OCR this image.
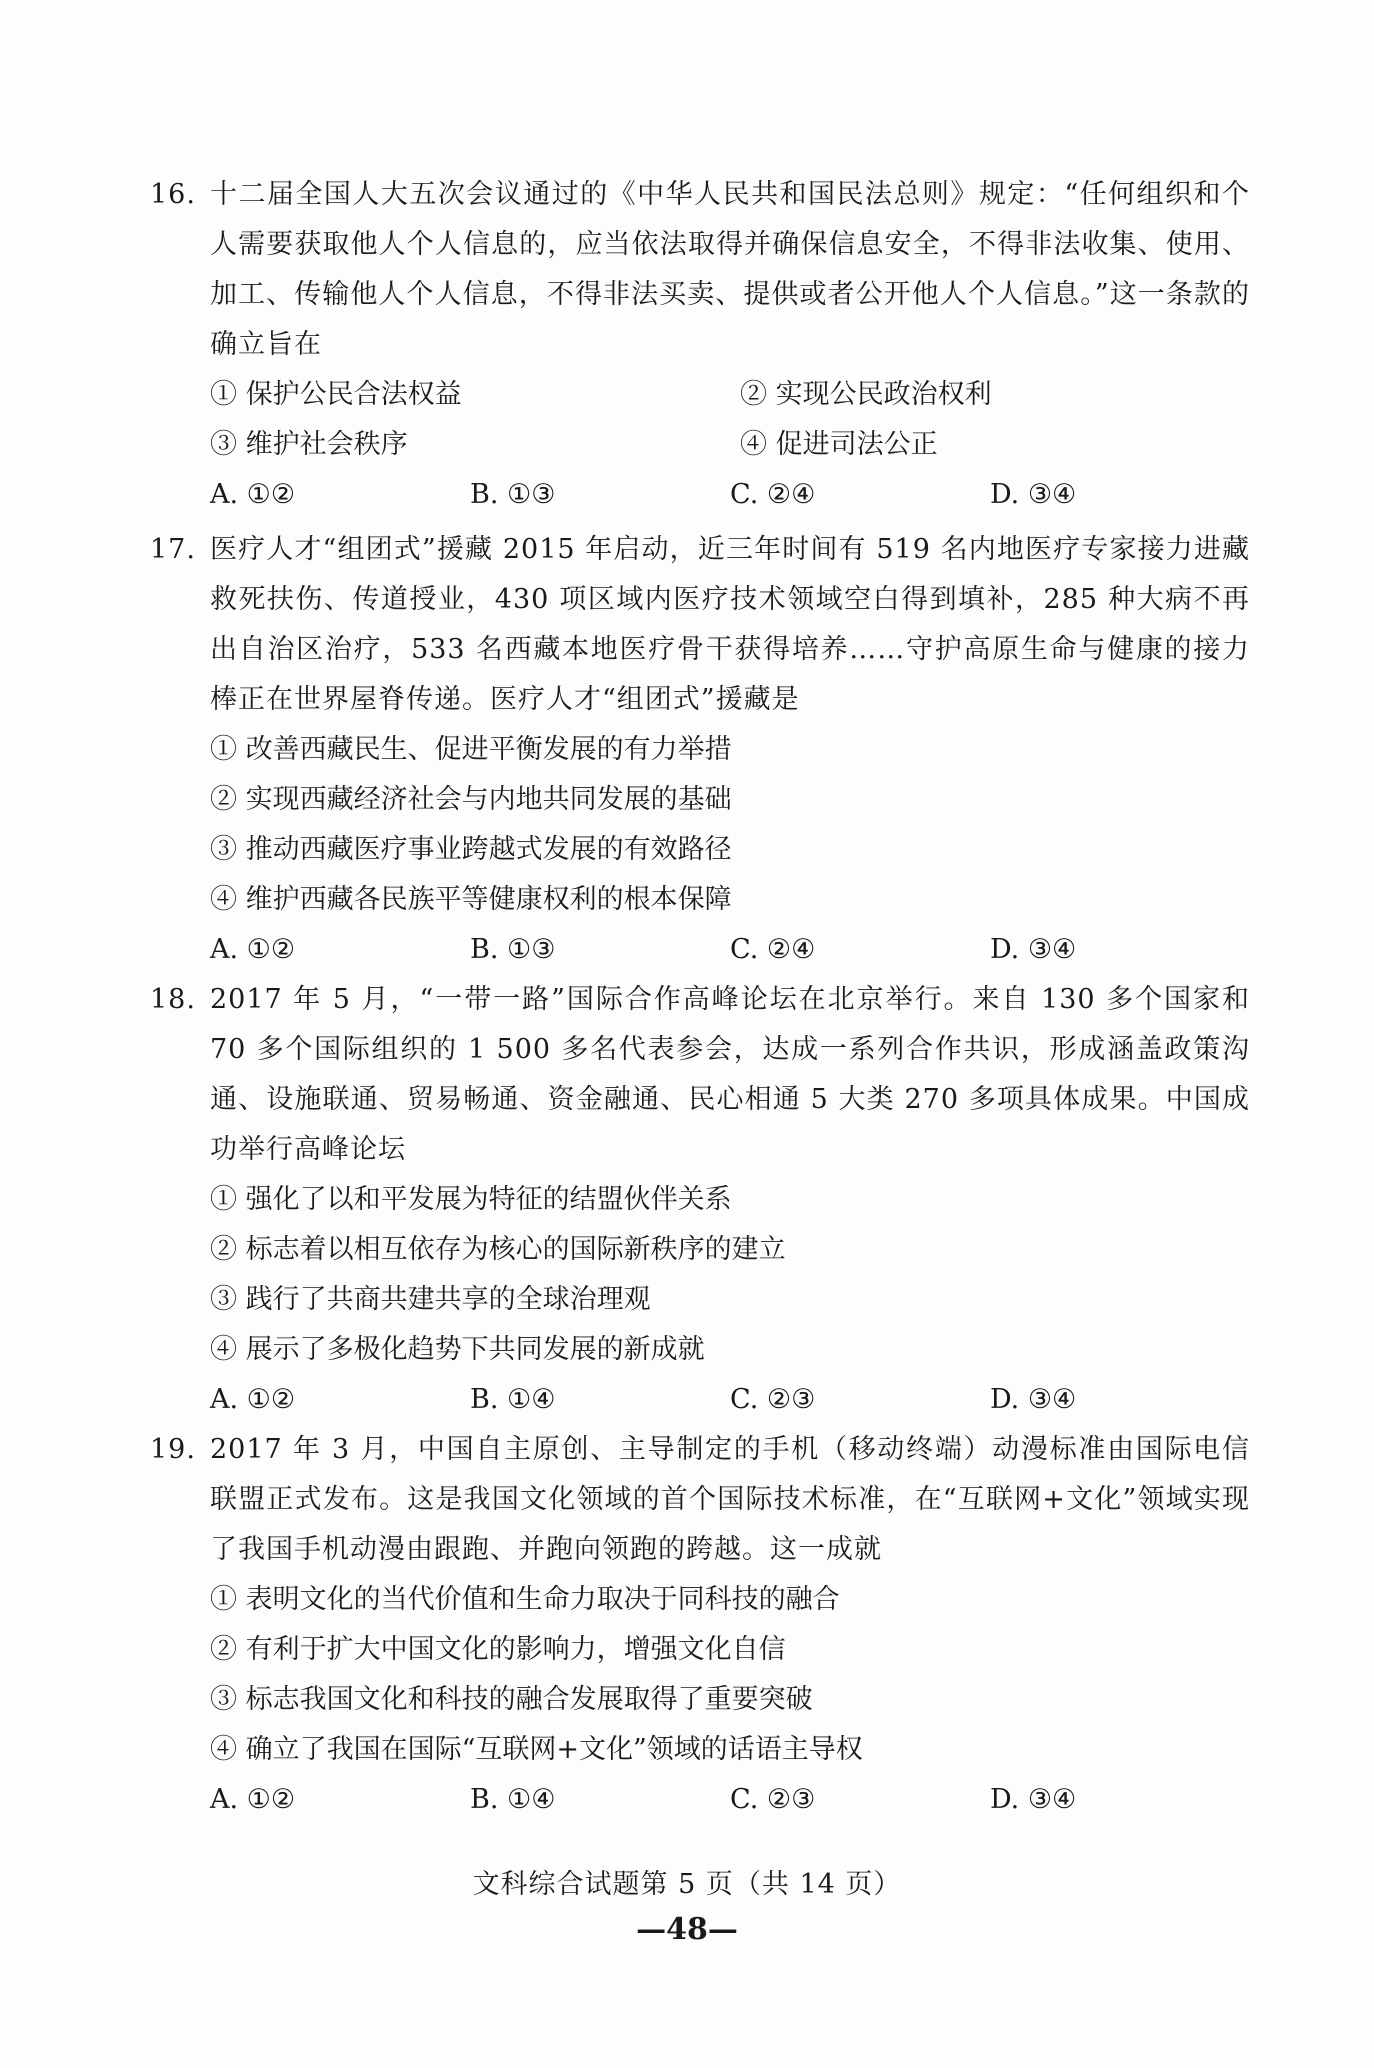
16. 十二届全国人大五次会议通过的《中华人民共和国民法总则》规定：“任何组织和个人需要获取他人个人信息的，应当依法取得并确保信息安全，不得非法收集、使用、加工、传输他人个人信息，不得非法买卖、提供或者公开他人个人信息。”这一条款的确立旨在
① 保护公民合法权益	② 实现公民政治权利
③ 维护社会秩序	④ 促进司法公正
A. ①②	B. ①③	C. ②④	D. ③④
17. 医疗人才“组团式”援藏 2015 年启动，近三年时间有 519 名内地医疗专家接力进藏救死扶伤、传道授业，430 项区域内医疗技术领域空白得到填补，285 种大病不再出自治区治疗，533 名西藏本地医疗骨干获得培养……守护高原生命与健康的接力棒正在世界屋脊传递。医疗人才“组团式”援藏是
① 改善西藏民生、促进平衡发展的有力举措
② 实现西藏经济社会与内地共同发展的基础
③ 推动西藏医疗事业跨越式发展的有效路径
④ 维护西藏各民族平等健康权利的根本保障
A. ①②	B. ①③	C. ②④	D. ③④
18. 2017 年 5 月，“一带一路”国际合作高峰论坛在北京举行。来自 130 多个国家和 70 多个国际组织的 1 500 多名代表参会，达成一系列合作共识，形成涵盖政策沟通、设施联通、贸易畅通、资金融通、民心相通 5 大类 270 多项具体成果。中国成功举行高峰论坛
① 强化了以和平发展为特征的结盟伙伴关系
② 标志着以相互依存为核心的国际新秩序的建立
③ 践行了共商共建共享的全球治理观
④ 展示了多极化趋势下共同发展的新成就
A. ①②	B. ①④	C. ②③	D. ③④
19. 2017 年 3 月，中国自主原创、主导制定的手机（移动终端）动漫标准由国际电信联盟正式发布。这是我国文化领域的首个国际技术标准，在“互联网+文化”领域实现了我国手机动漫由跟跑、并跑向领跑的跨越。这一成就
① 表明文化的当代价值和生命力取决于同科技的融合
② 有利于扩大中国文化的影响力，增强文化自信
③ 标志我国文化和科技的融合发展取得了重要突破
④ 确立了我国在国际“互联网+文化”领域的话语主导权
A. ①②	B. ①④	C. ②③	D. ③④
文科综合试题第 5 页（共 14 页）
—48—
